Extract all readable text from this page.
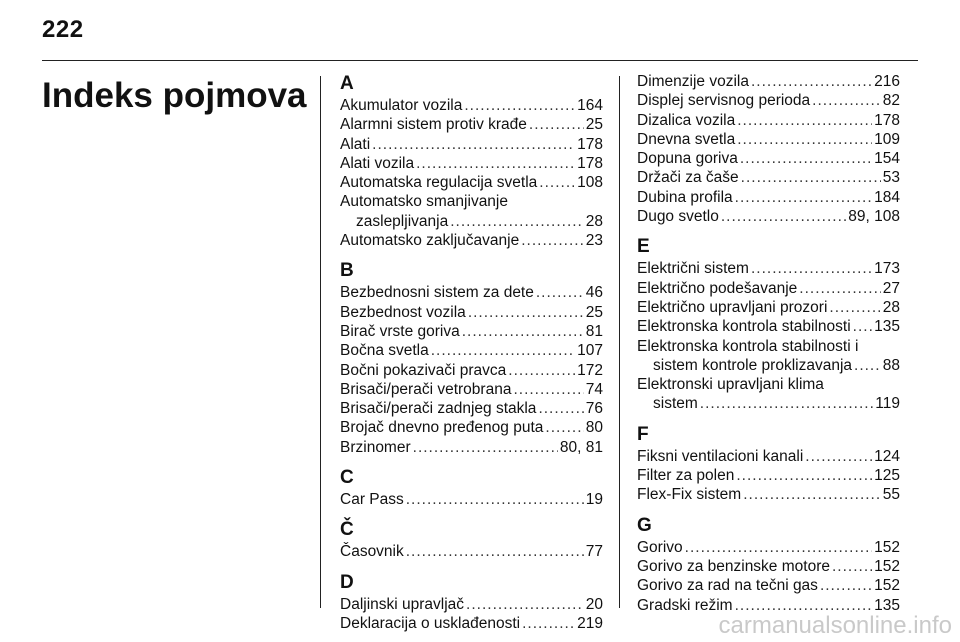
222
Indeks pojmova A
Akumulator vozila .....	164
Alarmni sistem protiv krađe .....	25
Alati .....	178
Alati vozila .....	178
Automatska regulacija svetla .....	108
Automatsko smanjivanje
zaslepljivanja .....	28
Automatsko zaključavanje .....	23
B
Bezbednosni sistem za dete .....	46
Bezbednost vozila .....	25
Birač vrste goriva .....	81
Bočna svetla .....	107
Bočni pokazivači pravca .....	172
Brisači/perači vetrobrana .....	74
Brisači/perači zadnjeg stakla .....	76
Brojač dnevno pređenog puta .....	80
Brzinomer .....	80, 81
C
Car Pass .....	19
Č
Časovnik .....	77
D
Daljinski upravljač .....	20
Deklaracija o usklađenosti .....	219
Dimenzije vozila .....	216
Displej servisnog perioda .....	82
Dizalica vozila .....	178
Dnevna svetla .....	109
Dopuna goriva .....	154
Držači za čaše .....	53
Dubina profila .....	184
Dugo svetlo .....	89, 108
E
Električni sistem .....	173
Električno podešavanje .....	27
Električno upravljani prozori .....	28
Elektronska kontrola stabilnosti ..... 135
Elektronska kontrola stabilnosti i
sistem kontrole proklizavanja ..... 88
Elektronski upravljani klima
sistem .....	119
F
Fiksni ventilacioni kanali .....	124
Filter za polen .....	125
Flex-Fix sistem .....	55
G
Gorivo .....	152
Gorivo za benzinske motore .....	152
Gorivo za rad na tečni gas .....	152
Gradski režim .....	135
carmanualsonline.info
